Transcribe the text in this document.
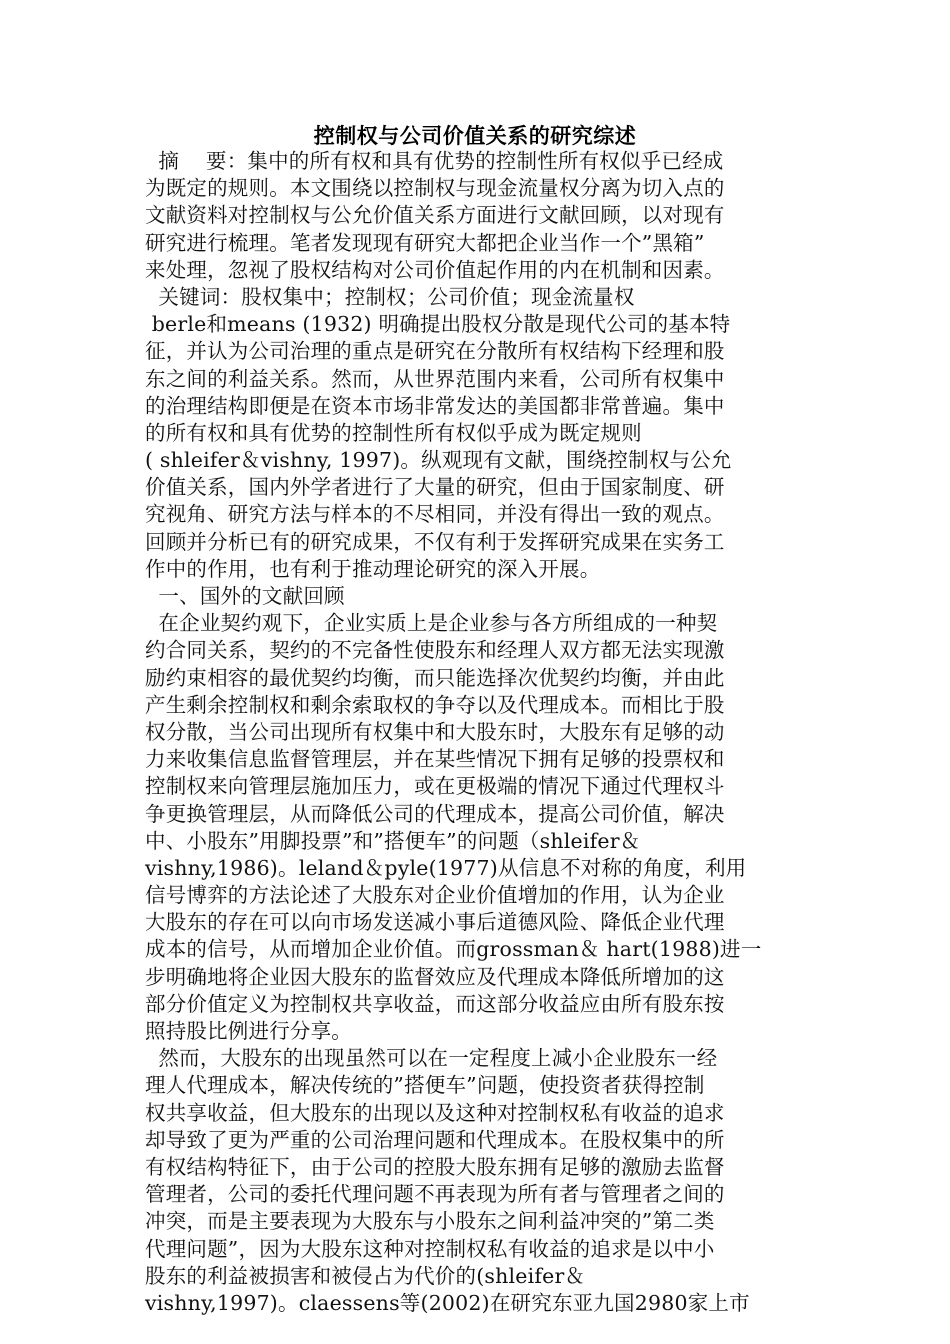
控制权与公司价值关系的研究综述
摘    要：集中的所有权和具有优势的控制性所有权似乎已经成
为既定的规则。本文围绕以控制权与现金流量权分离为切入点的
文献资料对控制权与公允价值关系方面进行文献回顾，以对现有
研究进行梳理。笔者发现现有研究大都把企业当作一个”黑箱”
来处理，忽视了股权结构对公司价值起作用的内在机制和因素。
关键词：股权集中；控制权；公司价值；现金流量权
berle和means (1932) 明确提出股权分散是现代公司的基本特
征，并认为公司治理的重点是研究在分散所有权结构下经理和股
东之间的利益关系。然而，从世界范围内来看，公司所有权集中
的治理结构即便是在资本市场非常发达的美国都非常普遍。集中
的所有权和具有优势的控制性所有权似乎成为既定规则
( shleifer＆vishny, 1997)。纵观现有文献，围绕控制权与公允
价值关系，国内外学者进行了大量的研究，但由于国家制度、研
究视角、研究方法与样本的不尽相同，并没有得出一致的观点。
回顾并分析已有的研究成果，不仅有利于发挥研究成果在实务工
作中的作用，也有利于推动理论研究的深入开展。
一、国外的文献回顾
在企业契约观下，企业实质上是企业参与各方所组成的一种契
约合同关系，契约的不完备性使股东和经理人双方都无法实现激
励约束相容的最优契约均衡，而只能选择次优契约均衡，并由此
产生剩余控制权和剩余索取权的争夺以及代理成本。而相比于股
权分散，当公司出现所有权集中和大股东时，大股东有足够的动
力来收集信息监督管理层，并在某些情况下拥有足够的投票权和
控制权来向管理层施加压力，或在更极端的情况下通过代理权斗
争更换管理层，从而降低公司的代理成本，提高公司价值，解决
中、小股东”用脚投票”和”搭便车”的问题（shleifer＆
vishny,1986)。leland＆pyle(1977)从信息不对称的角度，利用
信号博弈的方法论述了大股东对企业价值增加的作用，认为企业
大股东的存在可以向市场发送减小事后道德风险、降低企业代理
成本的信号，从而增加企业价值。而grossman＆ hart(1988)进一
步明确地将企业因大股东的监督效应及代理成本降低所增加的这
部分价值定义为控制权共享收益，而这部分收益应由所有股东按
照持股比例进行分享。
然而，大股东的出现虽然可以在一定程度上减小企业股东一经
理人代理成本，解决传统的”搭便车”问题，使投资者获得控制
权共享收益，但大股东的出现以及这种对控制权私有收益的追求
却导致了更为严重的公司治理问题和代理成本。在股权集中的所
有权结构特征下，由于公司的控股大股东拥有足够的激励去监督
管理者，公司的委托代理问题不再表现为所有者与管理者之间的
冲突，而是主要表现为大股东与小股东之间利益冲突的”第二类
代理问题”，因为大股东这种对控制权私有收益的追求是以中小
股东的利益被损害和被侵占为代价的(shleifer＆
vishny,1997)。claessens等(2002)在研究东亚九国2980家上市
